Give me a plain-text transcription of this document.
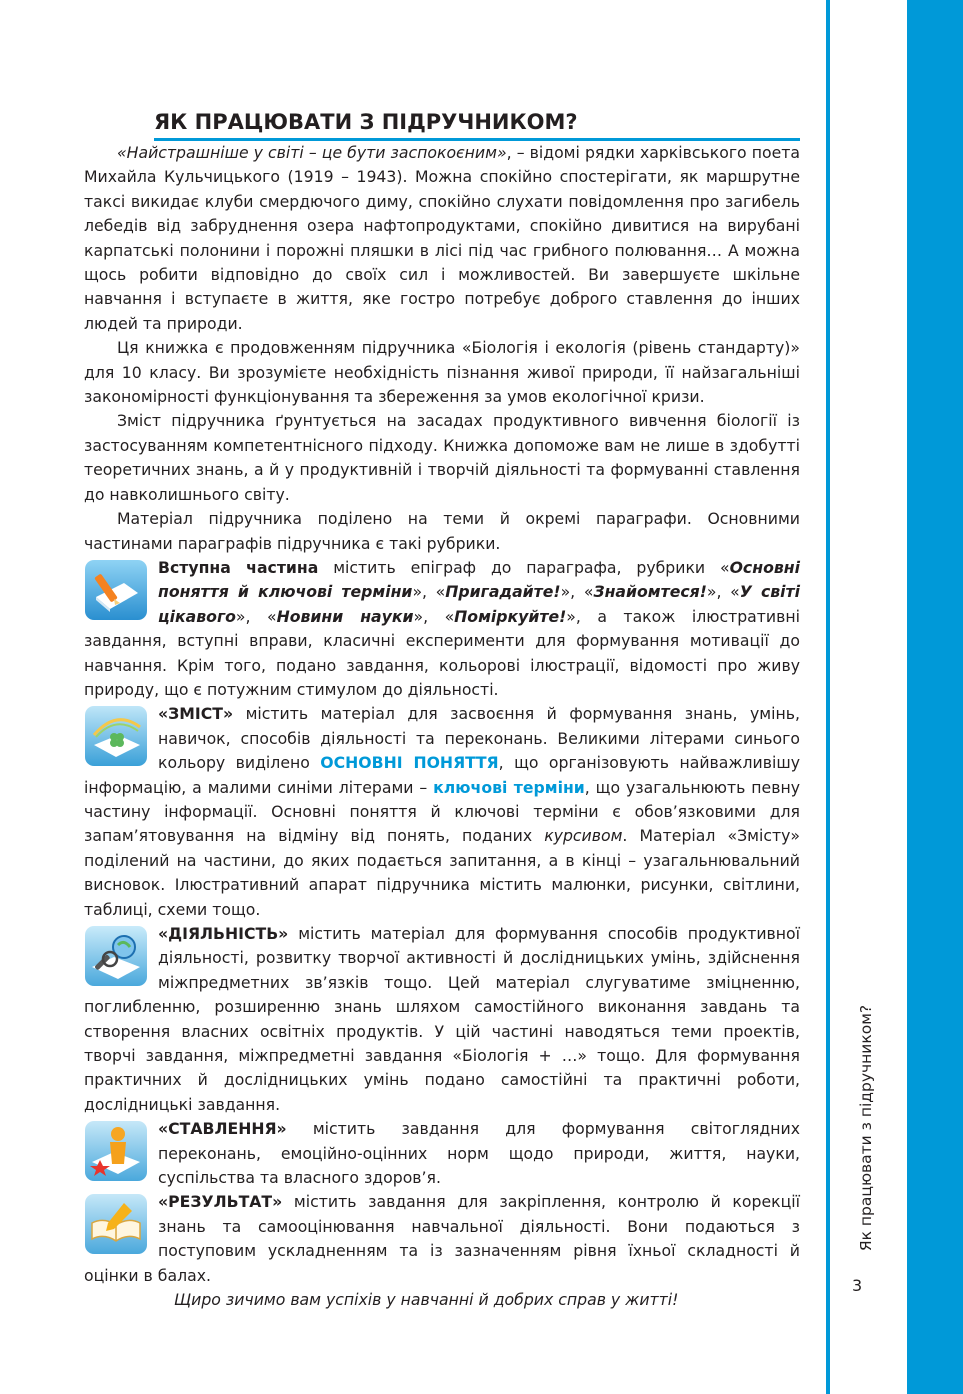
Як працювати з підручником?
3
ЯК ПРАЦЮВАТИ З ПІДРУЧНИКОМ?

«Найстрашніше у світі – це бути заспокоєним», – відомі рядки харківського поета Михайла Кульчицького (1919 – 1943). Можна спокійно спостерігати, як маршрутне таксі викидає клуби смердючого диму, спокійно слухати повідомлення про загибель лебедів від забруднення озера нафтопродуктами, спокійно дивитися на вирубані карпатські полонини і порожні пляшки в лісі під час грибного полювання… А можна щось робити відповідно до своїх сил і можливостей. Ви завершуєте шкільне навчання і вступаєте в життя, яке гостро потребує доброго ставлення до інших людей та природи.

Ця книжка є продовженням підручника «Біологія і екологія (рівень стандарту)» для 10 класу. Ви зрозумієте необхідність пізнання живої природи, її найзагальніші закономірності функціонування та збереження за умов екологічної кризи.

Зміст підручника ґрунтується на засадах продуктивного вивчення біології із застосуванням компетентнісного підходу. Книжка допоможе вам не лише в здобутті теоретичних знань, а й у продуктивній і творчій діяльності та формуванні ставлення до навколишнього світу.

Матеріал підручника поділено на теми й окремі параграфи. Основними частинами параграфів підручника є такі рубрики.

Вступна частина містить епіграф до параграфа, рубрики «Основні поняття й ключові терміни», «Пригадайте!», «Знайомтеся!», «У світі цікавого», «Новини науки», «Поміркуйте!», а також ілюстративні завдання, вступні вправи, класичні експерименти для формування мотивації до навчання. Крім того, подано завдання, кольорові ілюстрації, відомості про живу природу, що є потужним стимулом до діяльності.

«ЗМІСТ» містить матеріал для засвоєння й формування знань, умінь, навичок, способів діяльності та переконань. Великими літерами синього кольору виділено ОСНОВНІ ПОНЯТТЯ, що організовують найважливішу інформацію, а малими синіми літерами – ключові терміни, що узагальнюють певну частину інформації. Основні поняття й ключові терміни є обов’язковими для запам’ятовування на відміну від понять, поданих курсивом. Матеріал «Змісту» поділений на частини, до яких подається запитання, а в кінці – узагальнювальний висновок. Ілюстративний апарат підручника містить малюнки, рисунки, світлини, таблиці, схеми тощо.

«ДІЯЛЬНІСТЬ» містить матеріал для формування способів продуктивної діяльності, розвитку творчої активності й дослідницьких умінь, здійснення міжпредметних зв’язків тощо. Цей матеріал слугуватиме зміцненню, поглибленню, розширенню знань шляхом самостійного виконання завдань та створення власних освітніх продуктів. У цій частині наводяться теми проектів, творчі завдання, міжпредметні завдання «Біологія + …» тощо. Для формування практичних й дослідницьких умінь подано самостійні та практичні роботи, дослідницькі завдання.

«СТАВЛЕННЯ» містить завдання для формування світоглядних переконань, емоційно-оцінних норм щодо природи, життя, науки, суспільства та власного здоров’я.

«РЕЗУЛЬТАТ» містить завдання для закріплення, контролю й корекції знань та самооцінювання навчальної діяльності. Вони подаються з поступовим ускладненням та із зазначенням рівня їхньої складності й оцінки в балах.

Щиро зичимо вам успіхів у навчанні й добрих справ у житті!
